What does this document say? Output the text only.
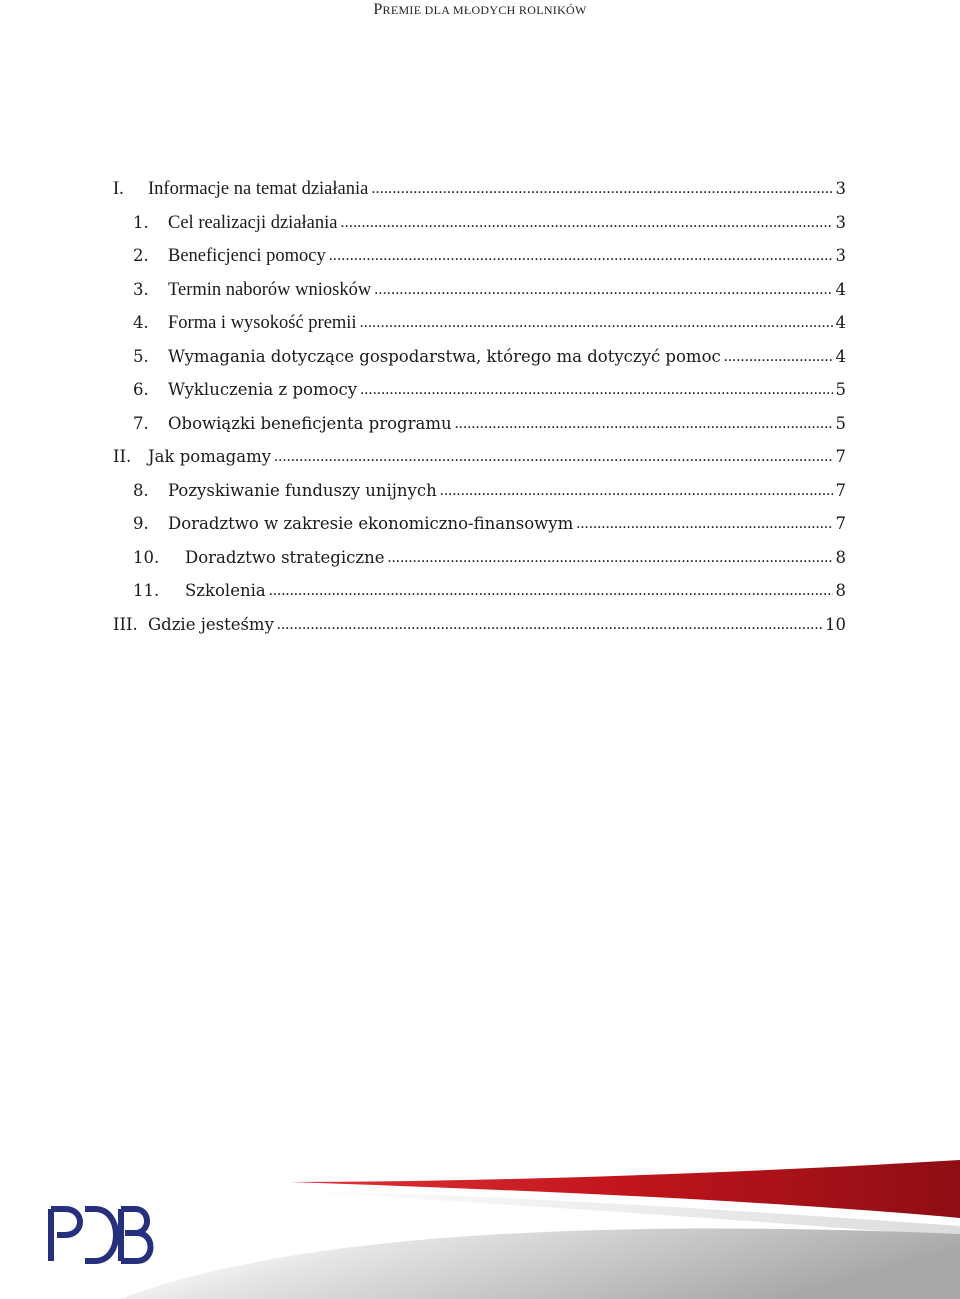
PREMIE DLA MŁODYCH ROLNIKÓW
I.	Informacje na temat działania .....	3
1.	Cel realizacji działania .....	3
2.	Beneficjenci pomocy .....	3
3.	Termin naborów wniosków .....	4
4.	Forma i wysokość premii .....	4
5.	Wymagania dotyczące gospodarstwa, którego ma dotyczyć pomoc .....	4
6.	Wykluczenia z pomocy .....	5
7.	Obowiązki beneficjenta programu .....	5
II.	Jak pomagamy .....	7
8.	Pozyskiwanie funduszy unijnych .....	7
9.	Doradztwo w zakresie ekonomiczno-finansowym .....	7
10.	Doradztwo strategiczne .....	8
11.	Szkolenia .....	8
III. Gdzie jesteśmy .....	10
